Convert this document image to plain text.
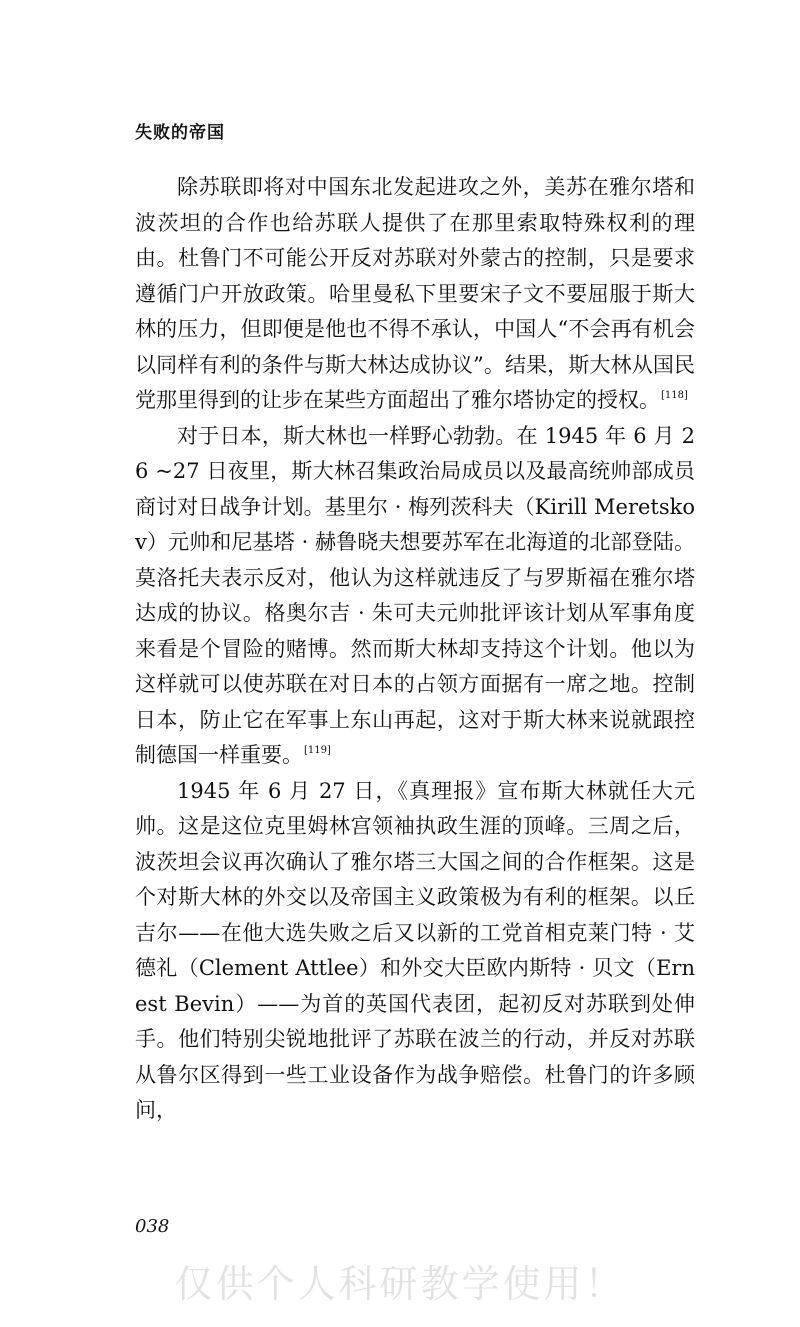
失败的帝国

除苏联即将对中国东北发起进攻之外，美苏在雅尔塔和波茨坦的合作也给苏联人提供了在那里索取特殊权利的理由。杜鲁门不可能公开反对苏联对外蒙古的控制，只是要求遵循门户开放政策。哈里曼私下里要宋子文不要屈服于斯大林的压力，但即便是他也不得不承认，中国人“不会再有机会以同样有利的条件与斯大林达成协议”。结果，斯大林从国民党那里得到的让步在某些方面超出了雅尔塔协定的授权。[118]

对于日本，斯大林也一样野心勃勃。在 1945 年 6 月 26 ~27 日夜里，斯大林召集政治局成员以及最高统帅部成员商讨对日战争计划。基里尔 · 梅列茨科夫（Kirill Meretskov）元帅和尼基塔 · 赫鲁晓夫想要苏军在北海道的北部登陆。莫洛托夫表示反对，他认为这样就违反了与罗斯福在雅尔塔达成的协议。格奥尔吉 · 朱可夫元帅批评该计划从军事角度来看是个冒险的赌博。然而斯大林却支持这个计划。他以为这样就可以使苏联在对日本的占领方面据有一席之地。控制日本，防止它在军事上东山再起，这对于斯大林来说就跟控制德国一样重要。[119]

1945 年 6 月 27 日，《真理报》宣布斯大林就任大元帅。这是这位克里姆林宫领袖执政生涯的顶峰。三周之后，波茨坦会议再次确认了雅尔塔三大国之间的合作框架。这是个对斯大林的外交以及帝国主义政策极为有利的框架。以丘吉尔——在他大选失败之后又以新的工党首相克莱门特 · 艾德礼（Clement Attlee）和外交大臣欧内斯特 · 贝文（Ernest Bevin）——为首的英国代表团，起初反对苏联到处伸手。他们特别尖锐地批评了苏联在波兰的行动，并反对苏联从鲁尔区得到一些工业设备作为战争赔偿。杜鲁门的许多顾问，

038
仅供个人科研教学使用！
